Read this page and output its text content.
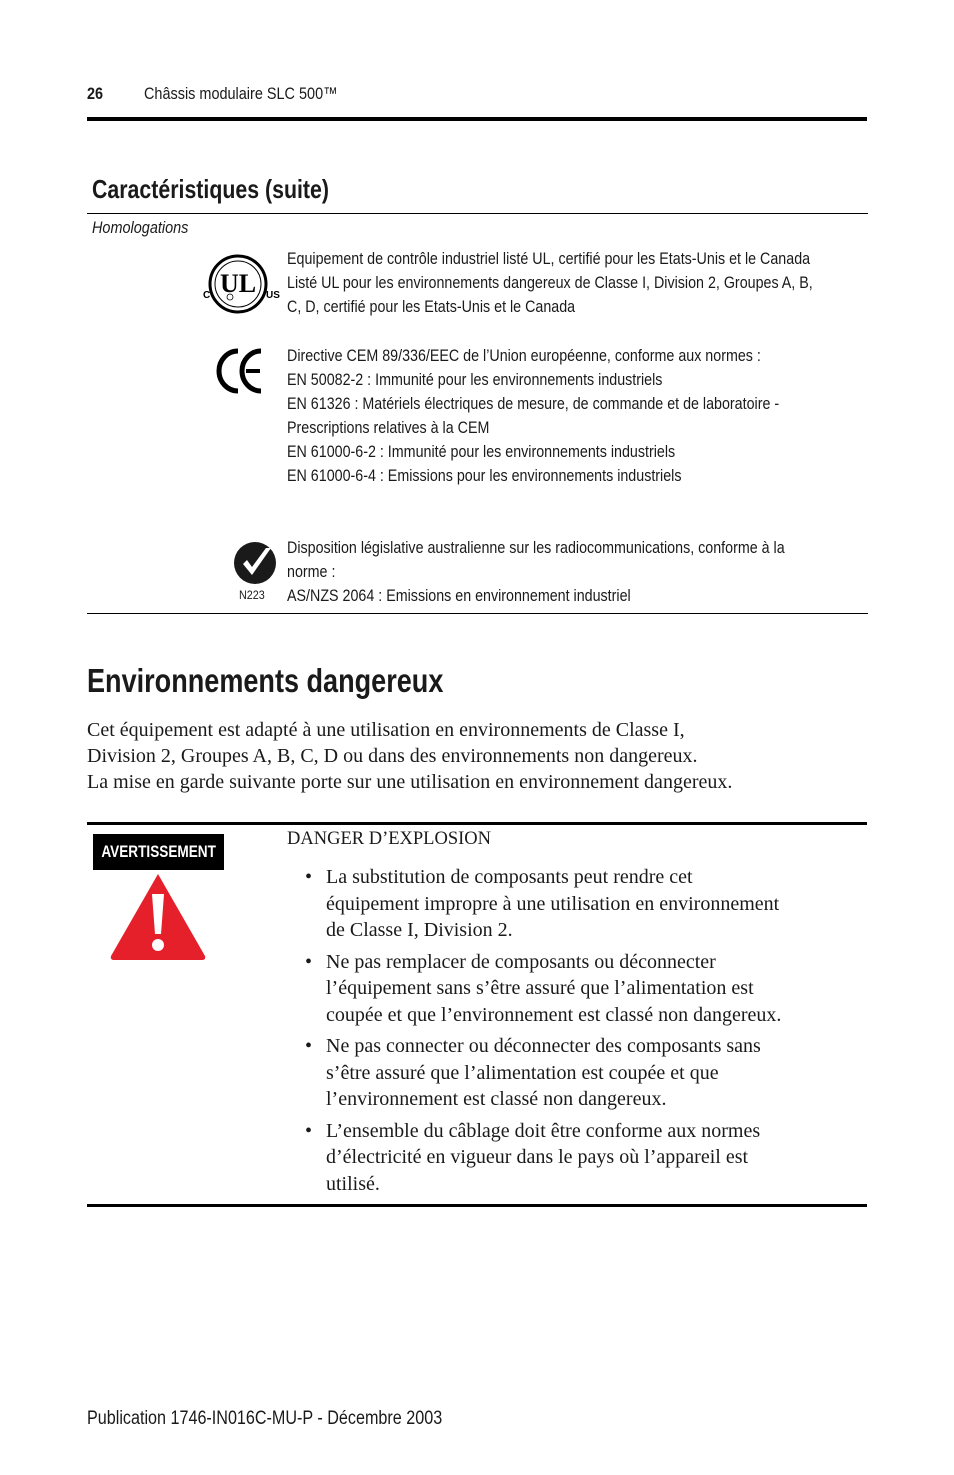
26 Châssis modulaire SLC 500™
Caractéristiques (suite)
Homologations
UL
C	US
Equipement de contrôle industriel listé UL, certifié pour les Etats-Unis et le Canada
Listé UL pour les environnements dangereux de Classe I, Division 2, Groupes A, B,
C, D, certifié pour les Etats-Unis et le Canada
Directive CEM 89/336/EEC de l’Union européenne, conforme aux normes :
EN 50082-2 : Immunité pour les environnements industriels
EN 61326 : Matériels électriques de mesure, de commande et de laboratoire -
Prescriptions relatives à la CEM
EN 61000-6-2 : Immunité pour les environnements industriels
EN 61000-6-4 : Emissions pour les environnements industriels
N223
Disposition législative australienne sur les radiocommunications, conforme à la
norme :
AS/NZS 2064 : Emissions en environnement industriel
Environnements dangereux
Cet équipement est adapté à une utilisation en environnements de Classe I,
Division 2, Groupes A, B, C, D ou dans des environnements non dangereux.
La mise en garde suivante porte sur une utilisation en environnement dangereux.
AVERTISSEMENT
DANGER D’EXPLOSION
• La substitution de composants peut rendre cet
équipement impropre à une utilisation en environnement
de Classe I, Division 2.
• Ne pas remplacer de composants ou déconnecter
l’équipement sans s’être assuré que l’alimentation est
coupée et que l’environnement est classé non dangereux.
• Ne pas connecter ou déconnecter des composants sans
s’être assuré que l’alimentation est coupée et que
l’environnement est classé non dangereux.
• L’ensemble du câblage doit être conforme aux normes
d’électricité en vigueur dans le pays où l’appareil est
utilisé.
Publication 1746-IN016C-MU-P - Décembre 2003
